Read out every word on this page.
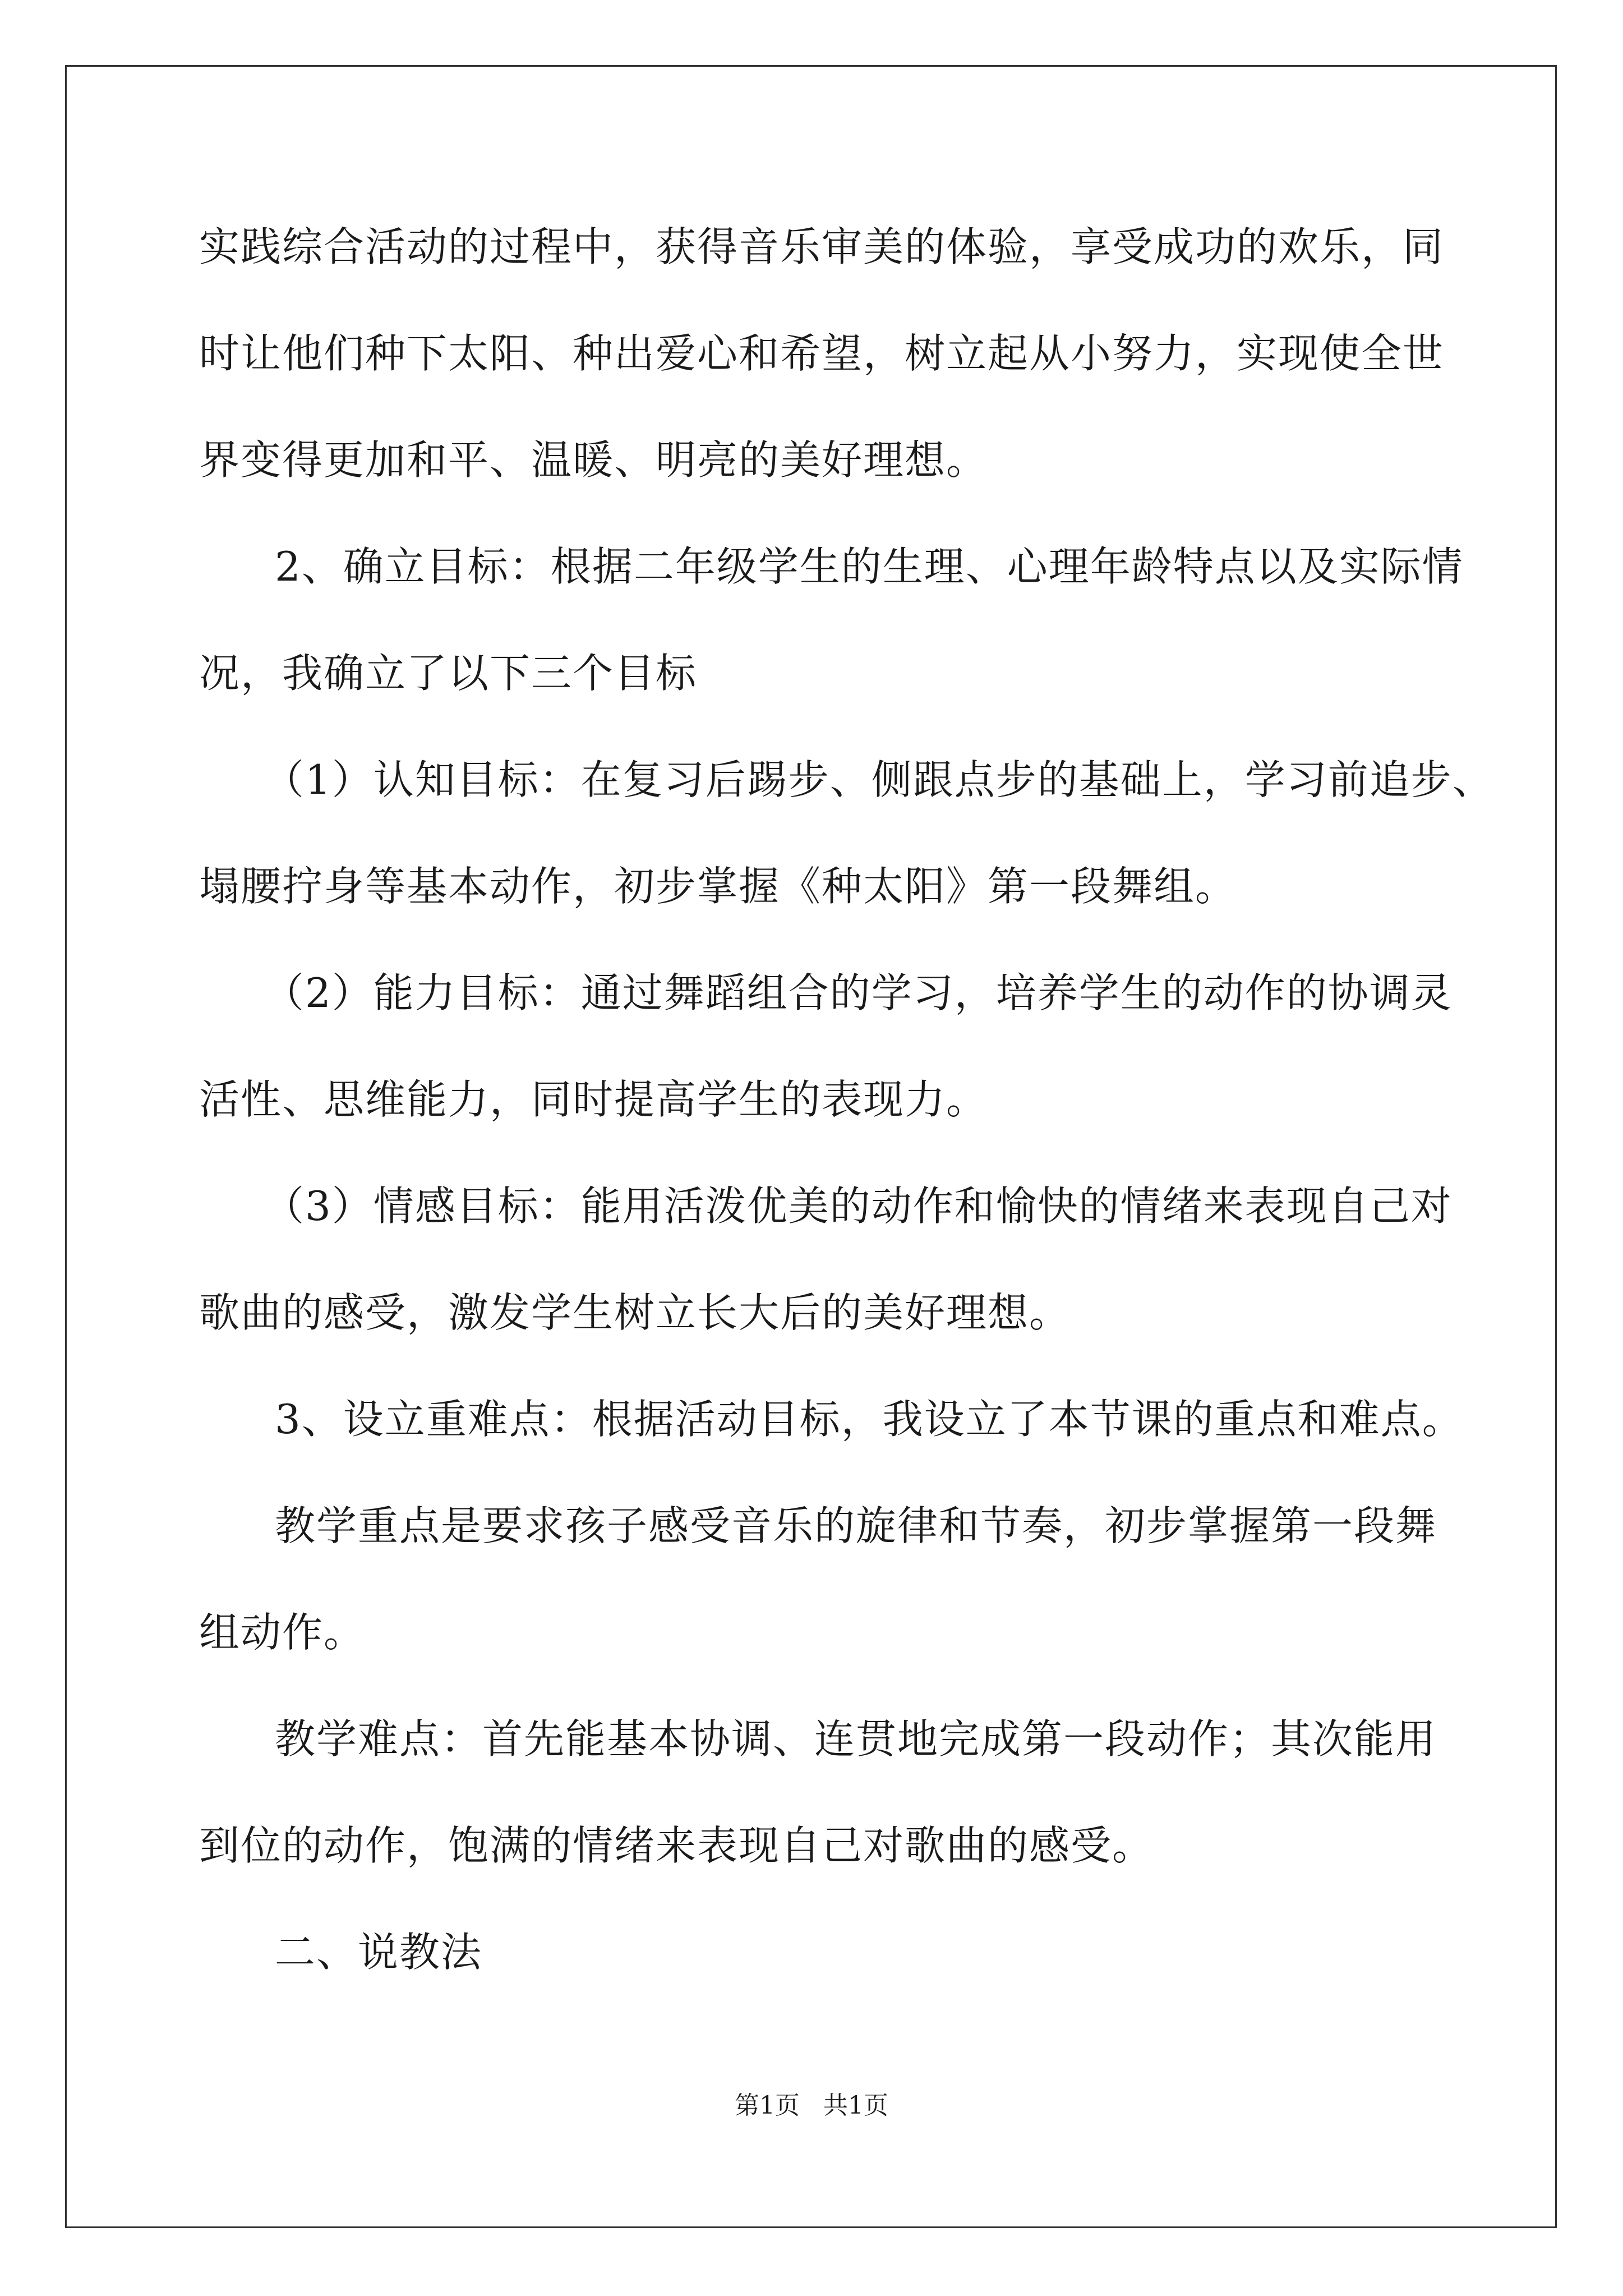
实践综合活动的过程中，获得音乐审美的体验，享受成功的欢乐，同
时让他们种下太阳、种出爱心和希望，树立起从小努力，实现使全世
界变得更加和平、温暖、明亮的美好理想。
2、确立目标：根据二年级学生的生理、心理年龄特点以及实际情
况，我确立了以下三个目标
（1）认知目标：在复习后踢步、侧跟点步的基础上，学习前追步、
塌腰拧身等基本动作，初步掌握《种太阳》第一段舞组。
（2）能力目标：通过舞蹈组合的学习，培养学生的动作的协调灵
活性、思维能力，同时提高学生的表现力。
（3）情感目标：能用活泼优美的动作和愉快的情绪来表现自己对
歌曲的感受，激发学生树立长大后的美好理想。
3、设立重难点：根据活动目标，我设立了本节课的重点和难点。
教学重点是要求孩子感受音乐的旋律和节奏，初步掌握第一段舞
组动作。
教学难点：首先能基本协调、连贯地完成第一段动作；其次能用
到位的动作，饱满的情绪来表现自己对歌曲的感受。
二、说教法
第1页   共1页
